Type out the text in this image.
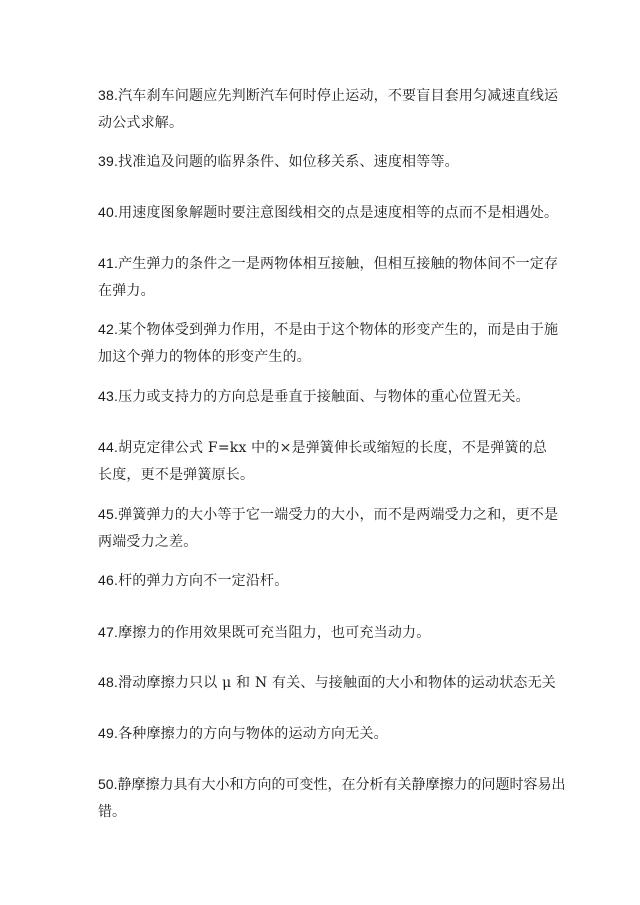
38.汽车刹车问题应先判断汽车何时停止运动，不要盲目套用匀减速直线运动公式求解。

39.找准追及问题的临界条件、如位移关系、速度相等等。

40.用速度图象解题时要注意图线相交的点是速度相等的点而不是相遇处。

41.产生弹力的条件之一是两物体相互接触，但相互接触的物体间不一定存在弹力。

42.某个物体受到弹力作用，不是由于这个物体的形变产生的，而是由于施加这个弹力的物体的形变产生的。

43.压力或支持力的方向总是垂直于接触面、与物体的重心位置无关。

44.胡克定律公式 F=kx 中的×是弹簧伸长或缩短的长度，不是弹簧的总长度，更不是弹簧原长。

45.弹簧弹力的大小等于它一端受力的大小，而不是两端受力之和，更不是两端受力之差。

46.杆的弹力方向不一定沿杆。

47.摩擦力的作用效果既可充当阻力，也可充当动力。

48.滑动摩擦力只以 μ 和 N 有关、与接触面的大小和物体的运动状态无关

49.各种摩擦力的方向与物体的运动方向无关。

50.静摩擦力具有大小和方向的可变性，在分析有关静摩擦力的问题时容易出错。
